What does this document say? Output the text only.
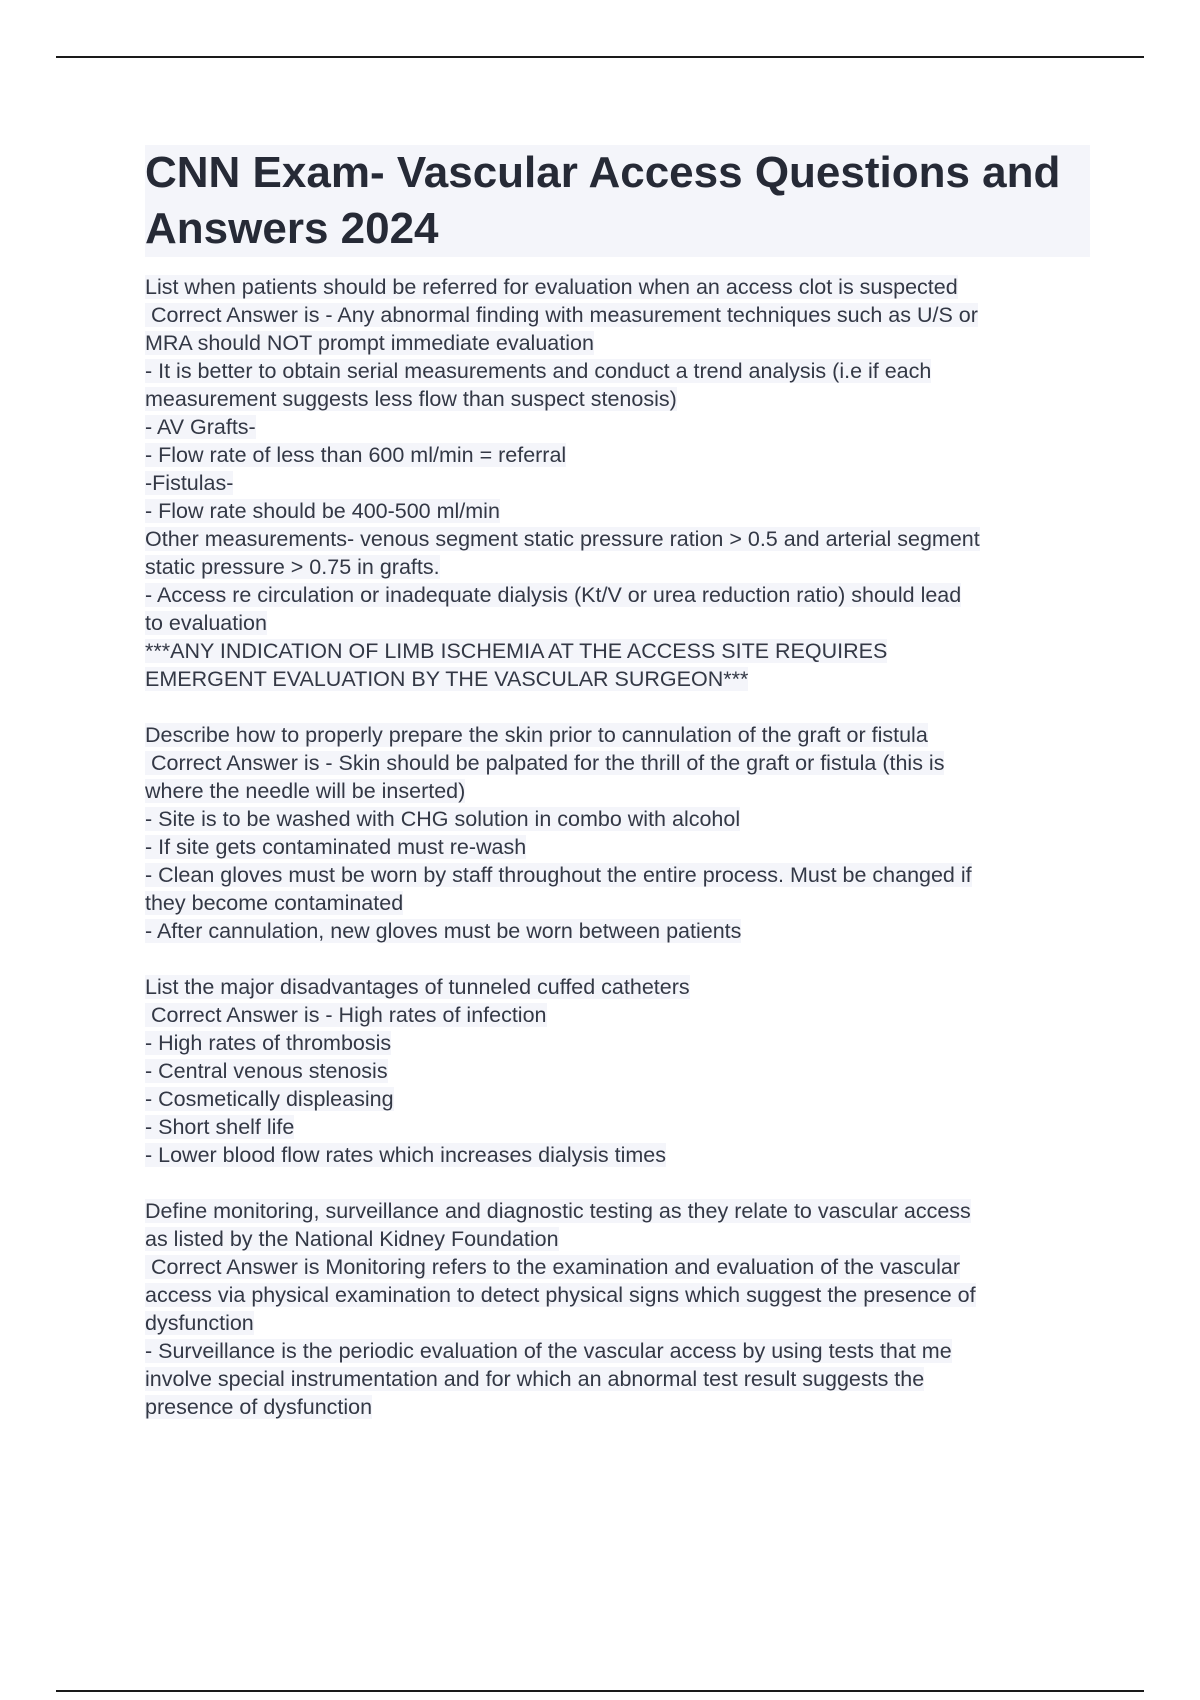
CNN Exam- Vascular Access Questions and Answers 2024
List when patients should be referred for evaluation when an access clot is suspected
Correct Answer is - Any abnormal finding with measurement techniques such as U/S or
MRA should NOT prompt immediate evaluation
- It is better to obtain serial measurements and conduct a trend analysis (i.e if each
measurement suggests less flow than suspect stenosis)
- AV Grafts-
- Flow rate of less than 600 ml/min = referral
-Fistulas-
- Flow rate should be 400-500 ml/min
Other measurements- venous segment static pressure ration > 0.5 and arterial segment
static pressure > 0.75 in grafts.
- Access re circulation or inadequate dialysis (Kt/V or urea reduction ratio) should lead
to evaluation
***ANY INDICATION OF LIMB ISCHEMIA AT THE ACCESS SITE REQUIRES
EMERGENT EVALUATION BY THE VASCULAR SURGEON***
Describe how to properly prepare the skin prior to cannulation of the graft or fistula
Correct Answer is - Skin should be palpated for the thrill of the graft or fistula (this is
where the needle will be inserted)
- Site is to be washed with CHG solution in combo with alcohol
- If site gets contaminated must re-wash
- Clean gloves must be worn by staff throughout the entire process. Must be changed if
they become contaminated
- After cannulation, new gloves must be worn between patients
List the major disadvantages of tunneled cuffed catheters
Correct Answer is - High rates of infection
- High rates of thrombosis
- Central venous stenosis
- Cosmetically displeasing
- Short shelf life
- Lower blood flow rates which increases dialysis times
Define monitoring, surveillance and diagnostic testing as they relate to vascular access
as listed by the National Kidney Foundation
Correct Answer is Monitoring refers to the examination and evaluation of the vascular
access via physical examination to detect physical signs which suggest the presence of
dysfunction
- Surveillance is the periodic evaluation of the vascular access by using tests that me
involve special instrumentation and for which an abnormal test result suggests the
presence of dysfunction
